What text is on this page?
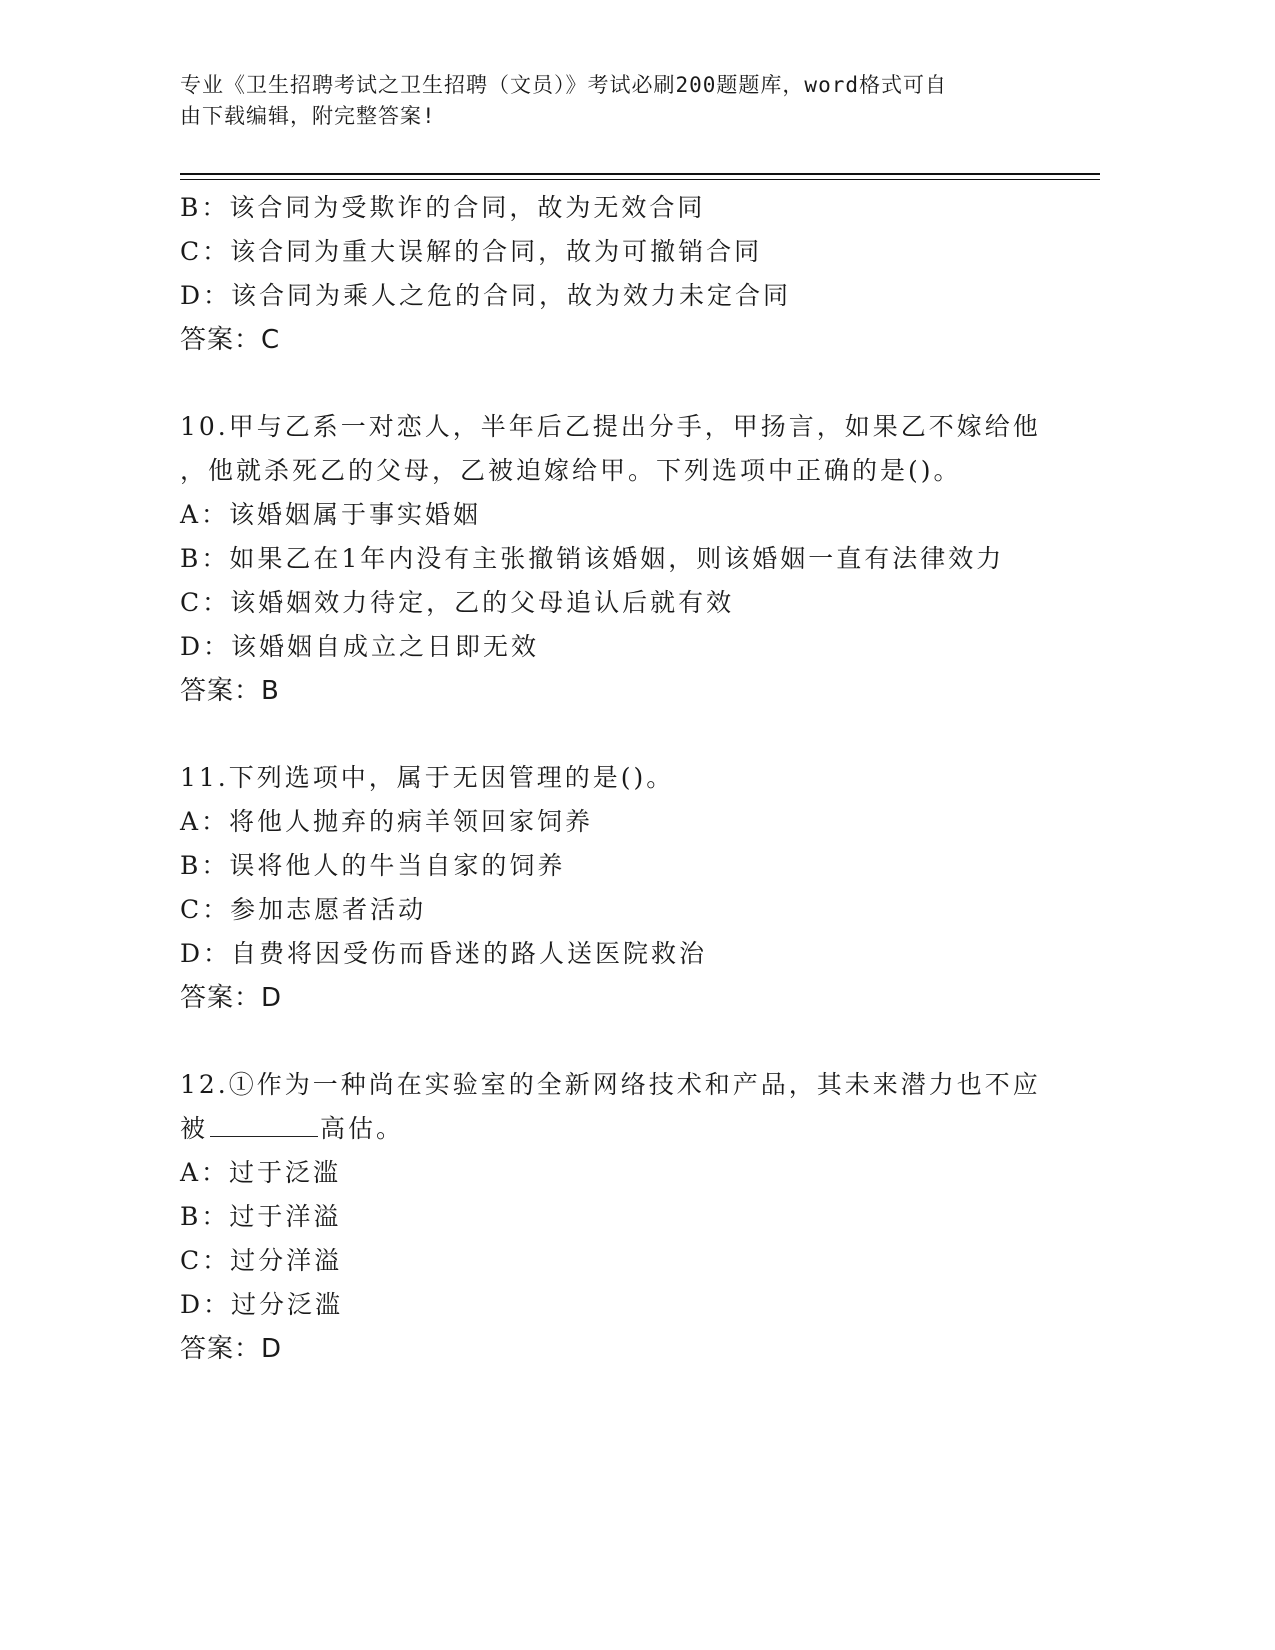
专业《卫生招聘考试之卫生招聘（文员）》考试必刷200题题库，word格式可自

由下载编辑，附完整答案!

B：该合同为受欺诈的合同，故为无效合同
C：该合同为重大误解的合同，故为可撤销合同
D：该合同为乘人之危的合同，故为效力未定合同
答案：C
10.甲与乙系一对恋人，半年后乙提出分手，甲扬言，如果乙不嫁给他
，他就杀死乙的父母，乙被迫嫁给甲。下列选项中正确的是()。
A：该婚姻属于事实婚姻
B：如果乙在1年内没有主张撤销该婚姻，则该婚姻一直有法律效力
C：该婚姻效力待定，乙的父母追认后就有效
D：该婚姻自成立之日即无效
答案：B
11.下列选项中，属于无因管理的是()。
A：将他人抛弃的病羊领回家饲养
B：误将他人的牛当自家的饲养
C：参加志愿者活动
D：自费将因受伤而昏迷的路人送医院救治
答案：D
12.①作为一种尚在实验室的全新网络技术和产品，其未来潜力也不应
被	高估。
A：过于泛滥
B：过于洋溢
C：过分洋溢
D：过分泛滥
答案：D
